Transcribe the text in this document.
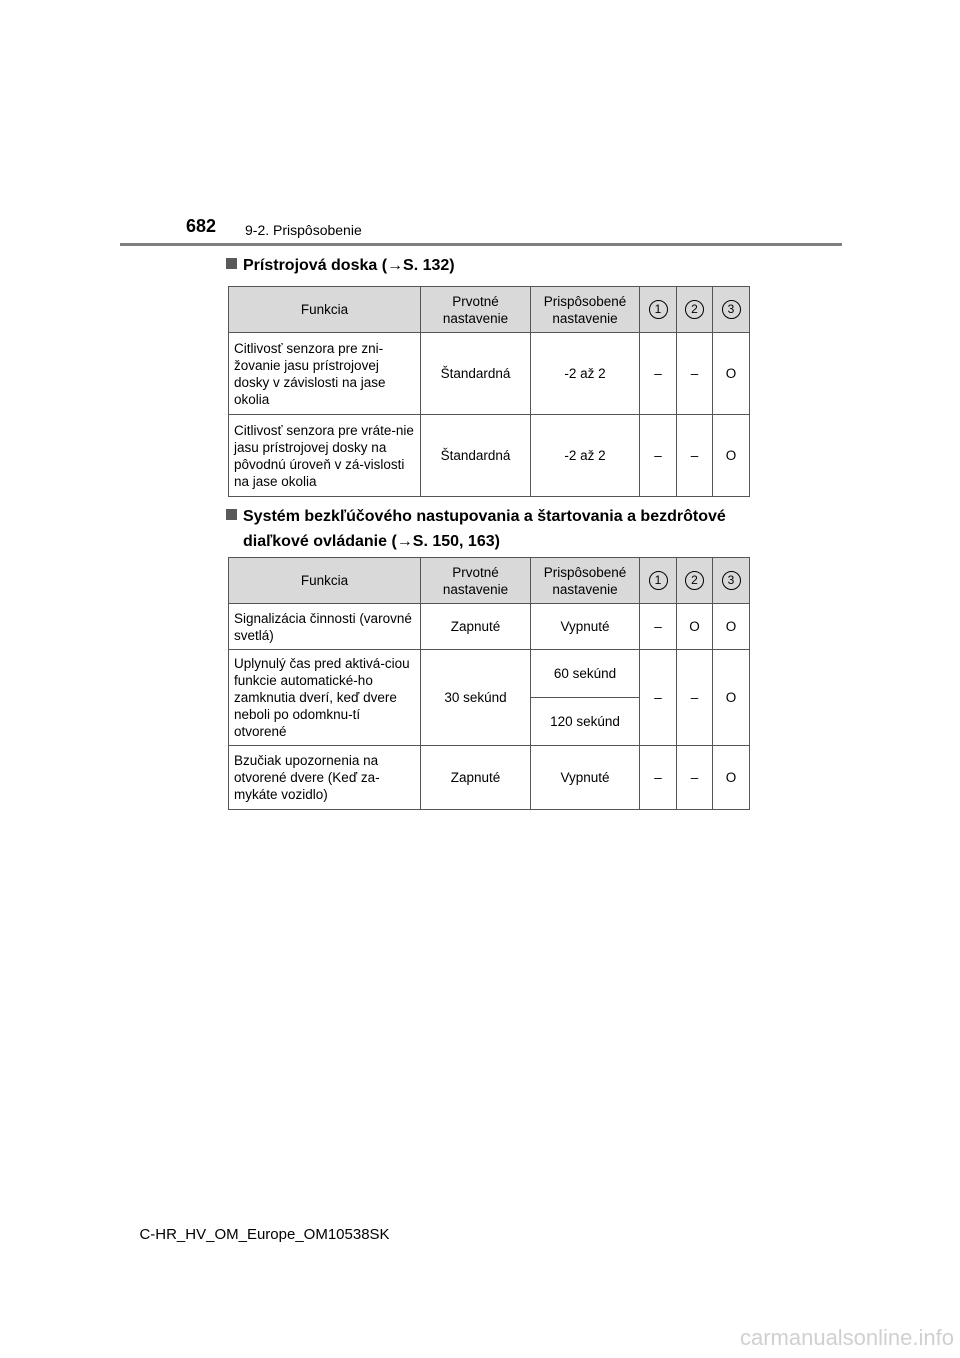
682 9-2. Prispôsobenie
Prístrojová doska (→S. 132)
Funkcia	Prvotné nastavenie	Prispôsobené nastavenie	1	2	3
Citlivosť senzora pre zni-žovanie jasu prístrojovej dosky v závislosti na jase okolia	Štandardná	-2 až 2	–	–	O
Citlivosť senzora pre vráte-nie jasu prístrojovej dosky na pôvodnú úroveň v zá-vislosti na jase okolia	Štandardná	-2 až 2	–	–	O
Systém bezkľúčového nastupovania a štartovania a bezdrôtové
diaľkové ovládanie (→S. 150, 163)
Funkcia	Prvotné nastavenie	Prispôsobené nastavenie	1	2	3
Signalizácia činnosti (varovné svetlá)	Zapnuté	Vypnuté	–	O	O
Uplynulý čas pred aktivá-ciou funkcie automatické-ho zamknutia dverí, keď dvere neboli po odomknu-tí otvorené	30 sekúnd	60 sekúnd	–	–	O
		120 sekúnd			
Bzučiak upozornenia na otvorené dvere (Keď za-mykáte vozidlo)	Zapnuté	Vypnuté	–	–	O
C-HR_HV_OM_Europe_OM10538SK
carmanualsonline.info
